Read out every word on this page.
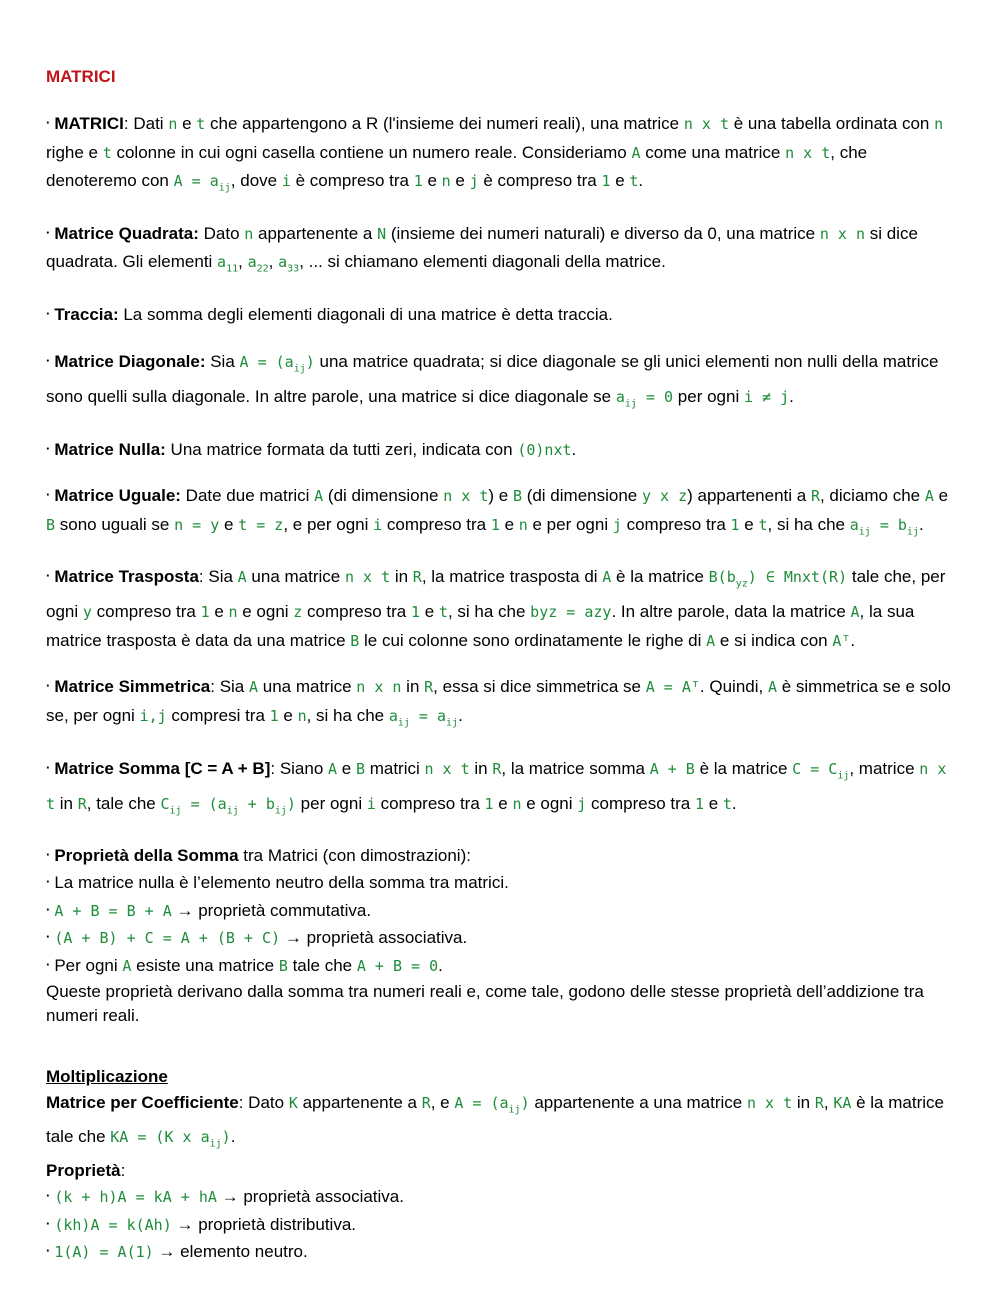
MATRICI

· MATRICI: Dati n e t che appartengono a R (l'insieme dei numeri reali), una matrice n x t è una tabella ordinata con n righe e t colonne in cui ogni casella contiene un numero reale. Consideriamo A come una matrice n x t, che denoteremo con $A = a_{ij}$, dove i è compreso tra 1 e n e j è compreso tra 1 e t.

· Matrice Quadrata: Dato n appartenente a N (insieme dei numeri naturali) e diverso da 0, una matrice n x n si dice quadrata. Gli elementi $a_{11}$, $a_{22}$, $a_{33}$, ... si chiamano elementi diagonali della matrice.

· Traccia: La somma degli elementi diagonali di una matrice è detta traccia.

· Matrice Diagonale: Sia $A = (a_{ij})$ una matrice quadrata; si dice diagonale se gli unici elementi non nulli della matrice sono quelli sulla diagonale. In altre parole, una matrice si dice diagonale se $a_{ij} = 0$ per ogni i ≠ j.

· Matrice Nulla: Una matrice formata da tutti zeri, indicata con (0)nxt.

· Matrice Uguale: Date due matrici A (di dimensione n x t) e B (di dimensione y x z) appartenenti a R, diciamo che A e B sono uguali se n = y e t = z, e per ogni i compreso tra 1 e n e per ogni j compreso tra 1 e t, si ha che $a_{ij} = b_{ij}$.

· Matrice Trasposta: Sia A una matrice n x t in R, la matrice trasposta di A è la matrice $B(b_{yz})$ ∈ Mnxt(R) tale che, per ogni y compreso tra 1 e n e ogni z compreso tra 1 e t, si ha che byz = azy. In altre parole, data la matrice A, la sua matrice trasposta è data da una matrice B le cui colonne sono ordinatamente le righe di A e si indica con Aᵀ.

· Matrice Simmetrica: Sia A una matrice n x n in R, essa si dice simmetrica se A = Aᵀ. Quindi, A è simmetrica se e solo se, per ogni i,j compresi tra 1 e n, si ha che $a_{ij} = a_{ij}$.

· Matrice Somma [C = A + B]: Siano A e B matrici n x t in R, la matrice somma A + B è la matrice $C = C_{ij}$, matrice n x t in R, tale che $C_{ij} = (a_{ij} + b_{ij})$ per ogni i compreso tra 1 e n e ogni j compreso tra 1 e t.

· Proprietà della Somma tra Matrici (con dimostrazioni):

· La matrice nulla è l’elemento neutro della somma tra matrici.

· A + B = B + A → proprietà commutativa.

· (A + B) + C = A + (B + C) → proprietà associativa.

· Per ogni A esiste una matrice B tale che A + B = 0.

Queste proprietà derivano dalla somma tra numeri reali e, come tale, godono delle stesse proprietà dell’addizione tra numeri reali.

Moltiplicazione

Matrice per Coefficiente: Dato K appartenente a R, e $A = (a_{ij})$ appartenente a una matrice n x t in R, KA è la matrice tale che KA = (K x $a_{ij}$).

Proprietà:

· (k + h)A = kA + hA → proprietà associativa.

· (kh)A = k(Ah) → proprietà distributiva.

· 1(A) = A(1) → elemento neutro.
